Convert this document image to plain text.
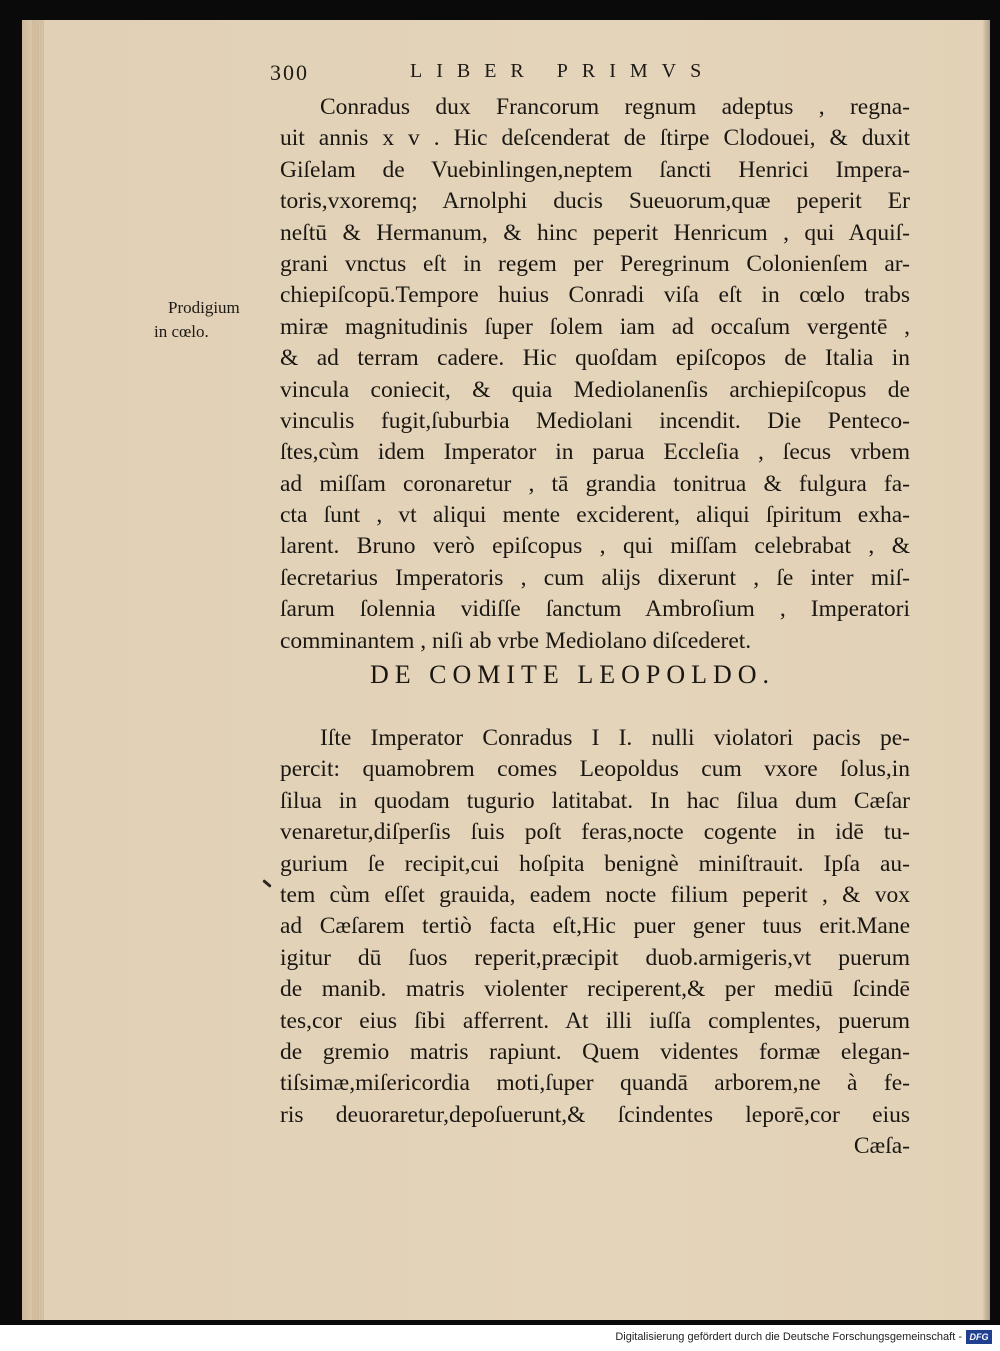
300	LIBER PRIMVS
Prodigium
in cœlo.
Conradus dux Francorum regnum adeptus , regna-
uit annis x v . Hic deſcenderat de ſtirpe Clodouei, & duxit
Giſelam de Vuebinlingen,neptem ſancti Henrici Impera-
toris,vxoremq; Arnolphi ducis Sueuorum,quæ peperit Er
neſtū & Hermanum, & hinc peperit Henricum , qui Aquiſ-
grani vnctus eſt in regem per Peregrinum Colonienſem ar-
chiepiſcopū.Tempore huius Conradi viſa eſt in cœlo trabs
miræ magnitudinis ſuper ſolem iam ad occaſum vergentē ,
& ad terram cadere. Hic quoſdam epiſcopos de Italia in
vincula coniecit, & quia Mediolanenſis archiepiſcopus de
vinculis fugit,ſuburbia Mediolani incendit. Die Penteco-
ſtes,cùm idem Imperator in parua Eccleſia , ſecus vrbem
ad miſſam coronaretur , tā grandia tonitrua & fulgura fa-
cta ſunt , vt aliqui mente exciderent, aliqui ſpiritum exha-
larent. Bruno verò epiſcopus , qui miſſam celebrabat , &
ſecretarius Imperatoris , cum alijs dixerunt , ſe inter miſ-
ſarum ſolennia vidiſſe ſanctum Ambroſium , Imperatori
comminantem , niſi ab vrbe Mediolano diſcederet.
DE COMITE LEOPOLDO.
Iſte Imperator Conradus I I. nulli violatori pacis pe-
percit: quamobrem comes Leopoldus cum vxore ſolus,in
ſilua in quodam tugurio latitabat. In hac ſilua dum Cæſar
venaretur,diſperſis ſuis poſt feras,nocte cogente in idē tu-
gurium ſe recipit,cui hoſpita benignè miniſtrauit. Ipſa au-
tem cùm eſſet grauida, eadem nocte filium peperit , & vox
ad Cæſarem tertiò facta eſt,Hic puer gener tuus erit.Mane
igitur dū ſuos reperit,præcipit duob.armigeris,vt puerum
de manib. matris violenter reciperent,& per mediū ſcindē
tes,cor eius ſibi afferrent. At illi iuſſa complentes, puerum
de gremio matris rapiunt. Quem videntes formæ elegan-
tiſsimæ,miſericordia moti,ſuper quandā arborem,ne à fe-
ris deuoraretur,depoſuerunt,& ſcindentes leporē,cor eius
Cæſa-
Digitalisierung gefördert durch die Deutsche Forschungsgemeinschaft - DFG
